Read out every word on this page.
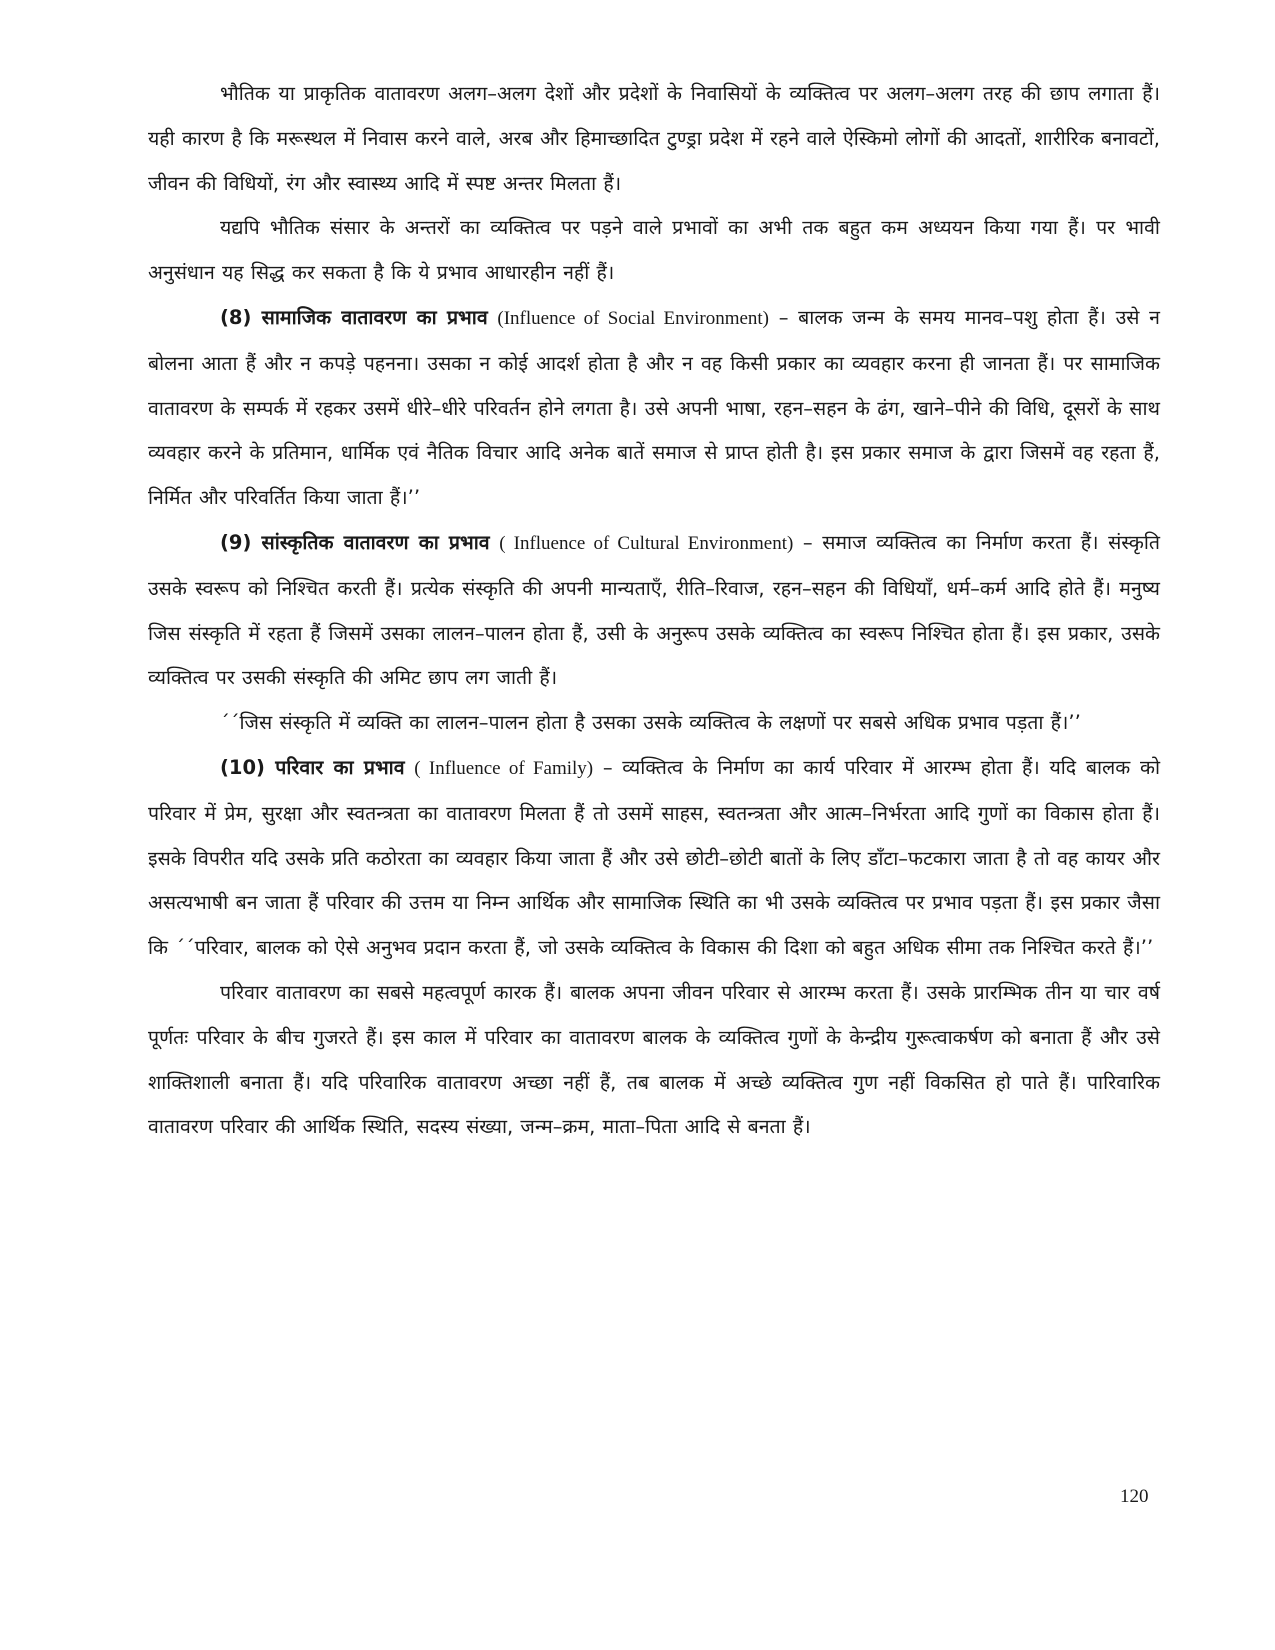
भौतिक या प्राकृतिक वातावरण अलग–अलग देशों और प्रदेशों के निवासियों के व्यक्तित्व पर अलग–अलग तरह की छाप लगाता हैं। यही कारण है कि मरूस्थल में निवास करने वाले, अरब और हिमाच्छादित टुण्ड्रा प्रदेश में रहने वाले ऐस्किमो लोगों की आदतों, शारीरिक बनावटों, जीवन की विधियों, रंग और स्वास्थ्य आदि में स्पष्ट अन्तर मिलता हैं।

यद्यपि भौतिक संसार के अन्तरों का व्यक्तित्व पर पड़ने वाले प्रभावों का अभी तक बहुत कम अध्ययन किया गया हैं। पर भावी अनुसंधान यह सिद्ध कर सकता है कि ये प्रभाव आधारहीन नहीं हैं।

(8) सामाजिक वातावरण का प्रभाव (Influence of Social Environment) – बालक जन्म के समय मानव–पशु होता हैं। उसे न बोलना आता हैं और न कपड़े पहनना। उसका न कोई आदर्श होता है और न वह किसी प्रकार का व्यवहार करना ही जानता हैं। पर सामाजिक वातावरण के सम्पर्क में रहकर उसमें धीरे–धीरे परिवर्तन होने लगता है। उसे अपनी भाषा, रहन–सहन के ढंग, खाने–पीने की विधि, दूसरों के साथ व्यवहार करने के प्रतिमान, धार्मिक एवं नैतिक विचार आदि अनेक बातें समाज से प्राप्त होती है। इस प्रकार समाज के द्वारा जिसमें वह रहता हैं, निर्मित और परिवर्तित किया जाता हैं।’’

(9) सांस्कृतिक वातावरण का प्रभाव ( Influence of Cultural Environment) – समाज व्यक्तित्व का निर्माण करता हैं। संस्कृति उसके स्वरूप को निश्चित करती हैं। प्रत्येक संस्कृति की अपनी मान्यताएँ, रीति–रिवाज, रहन–सहन की विधियाँ, धर्म–कर्म आदि होते हैं। मनुष्य जिस संस्कृति में रहता हैं जिसमें उसका लालन–पालन होता हैं, उसी के अनुरूप उसके व्यक्तित्व का स्वरूप निश्चित होता हैं। इस प्रकार, उसके व्यक्तित्व पर उसकी संस्कृति की अमिट छाप लग जाती हैं।

´´जिस संस्कृति में व्यक्ति का लालन–पालन होता है उसका उसके व्यक्तित्व के लक्षणों पर सबसे अधिक प्रभाव पड़ता हैं।’’

(10) परिवार का प्रभाव ( Influence of Family) – व्यक्तित्व के निर्माण का कार्य परिवार में आरम्भ होता हैं। यदि बालक को परिवार में प्रेम, सुरक्षा और स्वतन्त्रता का वातावरण मिलता हैं तो उसमें साहस, स्वतन्त्रता और आत्म–निर्भरता आदि गुणों का विकास होता हैं। इसके विपरीत यदि उसके प्रति कठोरता का व्यवहार किया जाता हैं और उसे छोटी–छोटी बातों के लिए डाँटा–फटकारा जाता है तो वह कायर और असत्यभाषी बन जाता हैं परिवार की उत्तम या निम्न आर्थिक और सामाजिक स्थिति का भी उसके व्यक्तित्व पर प्रभाव पड़ता हैं। इस प्रकार जैसा कि ´´परिवार, बालक को ऐसे अनुभव प्रदान करता हैं, जो उसके व्यक्तित्व के विकास की दिशा को बहुत अधिक सीमा तक निश्चित करते हैं।’’

परिवार वातावरण का सबसे महत्वपूर्ण कारक हैं। बालक अपना जीवन परिवार से आरम्भ करता हैं। उसके प्रारम्भिक तीन या चार वर्ष पूर्णतः परिवार के बीच गुजरते हैं। इस काल में परिवार का वातावरण बालक के व्यक्तित्व गुणों के केन्द्रीय गुरूत्वाकर्षण को बनाता हैं और उसे शाक्तिशाली बनाता हैं। यदि परिवारिक वातावरण अच्छा नहीं हैं, तब बालक में अच्छे व्यक्तित्व गुण नहीं विकसित हो पाते हैं। पारिवारिक वातावरण परिवार की आर्थिक स्थिति, सदस्य संख्या, जन्म–क्रम, माता–पिता आदि से बनता हैं।

120
